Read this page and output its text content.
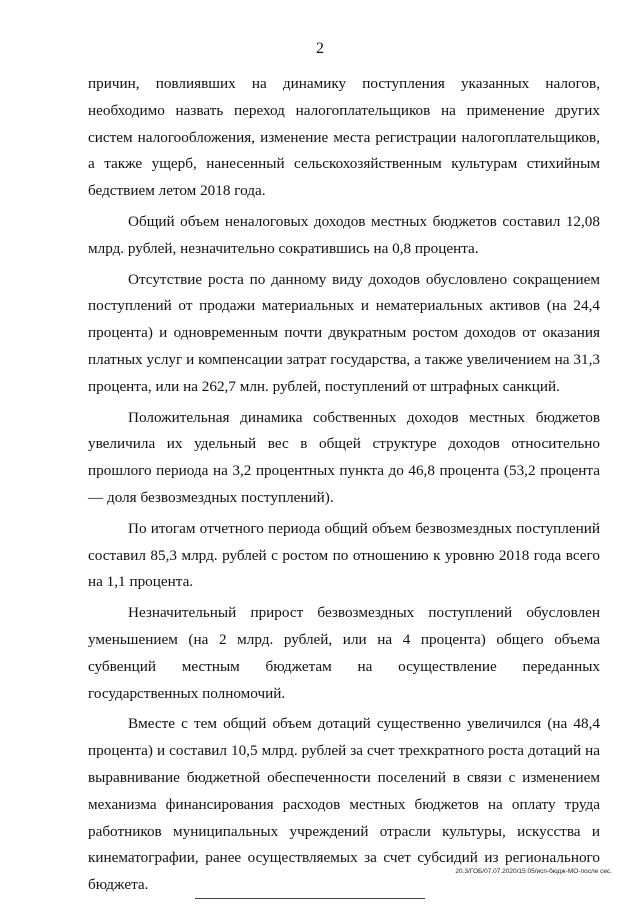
2

причин, повлиявших на динамику поступления указанных налогов, необходимо назвать переход налогоплательщиков на применение других систем налогообложения, изменение места регистрации налогоплательщиков, а также ущерб, нанесенный сельскохозяйственным культурам стихийным бедствием летом 2018 года.

Общий объем неналоговых доходов местных бюджетов составил 12,08 млрд. рублей, незначительно сократившись на 0,8 процента.

Отсутствие роста по данному виду доходов обусловлено сокращением поступлений от продажи материальных и нематериальных активов (на 24,4 процента) и одновременным почти двукратным ростом доходов от оказания платных услуг и компенсации затрат государства, а также увеличением на 31,3 процента, или на 262,7 млн. рублей, поступлений от штрафных санкций.

Положительная динамика собственных доходов местных бюджетов увеличила их удельный вес в общей структуре доходов относительно прошлого периода на 3,2 процентных пункта до 46,8 процента (53,2 процента — доля безвозмездных поступлений).

По итогам отчетного периода общий объем безвозмездных поступлений составил 85,3 млрд. рублей с ростом по отношению к уровню 2018 года всего на 1,1 процента.

Незначительный прирост безвозмездных поступлений обусловлен уменьшением (на 2 млрд. рублей, или на 4 процента) общего объема субвенций местным бюджетам на осуществление переданных государственных полномочий.

Вместе с тем общий объем дотаций существенно увеличился (на 48,4 процента) и составил 10,5 млрд. рублей за счет трехкратного роста дотаций на выравнивание бюджетной обеспеченности поселений в связи с изменением механизма финансирования расходов местных бюджетов на оплату труда работников муниципальных учреждений отрасли культуры, искусства и кинематографии, ранее осуществляемых за счет субсидий из регионального бюджета.

20.3/ГОБ/07.07.2020/15:05/исп-бюдж-МО-после сес.
